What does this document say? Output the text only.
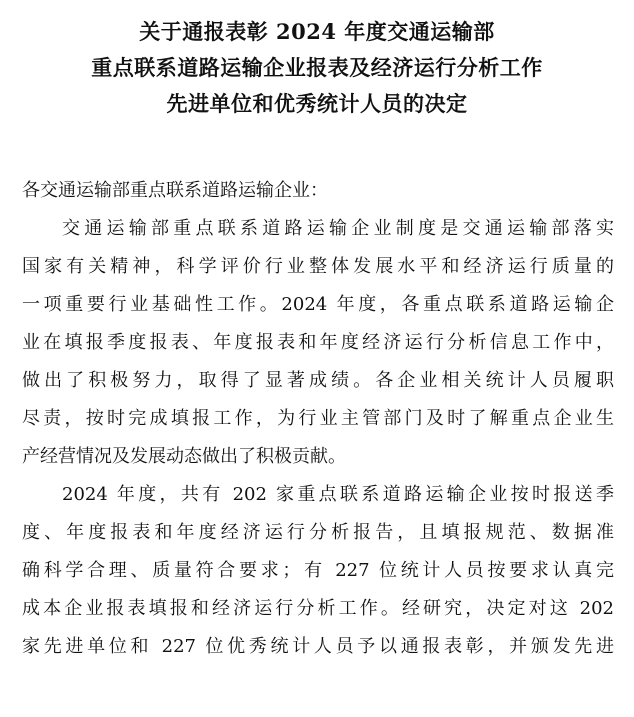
关于通报表彰 2024 年度交通运输部
重点联系道路运输企业报表及经济运行分析工作
先进单位和优秀统计人员的决定
各交通运输部重点联系道路运输企业：
交通运输部重点联系道路运输企业制度是交通运输部落实
国家有关精神，科学评价行业整体发展水平和经济运行质量的
一项重要行业基础性工作。2024 年度，各重点联系道路运输企
业在填报季度报表、年度报表和年度经济运行分析信息工作中，
做出了积极努力，取得了显著成绩。各企业相关统计人员履职
尽责，按时完成填报工作，为行业主管部门及时了解重点企业生
产经营情况及发展动态做出了积极贡献。
2024 年度，共有 202 家重点联系道路运输企业按时报送季
度、年度报表和年度经济运行分析报告，且填报规范、数据准
确科学合理、质量符合要求；有 227 位统计人员按要求认真完
成本企业报表填报和经济运行分析工作。经研究，决定对这 202
家先进单位和 227 位优秀统计人员予以通报表彰，并颁发先进
